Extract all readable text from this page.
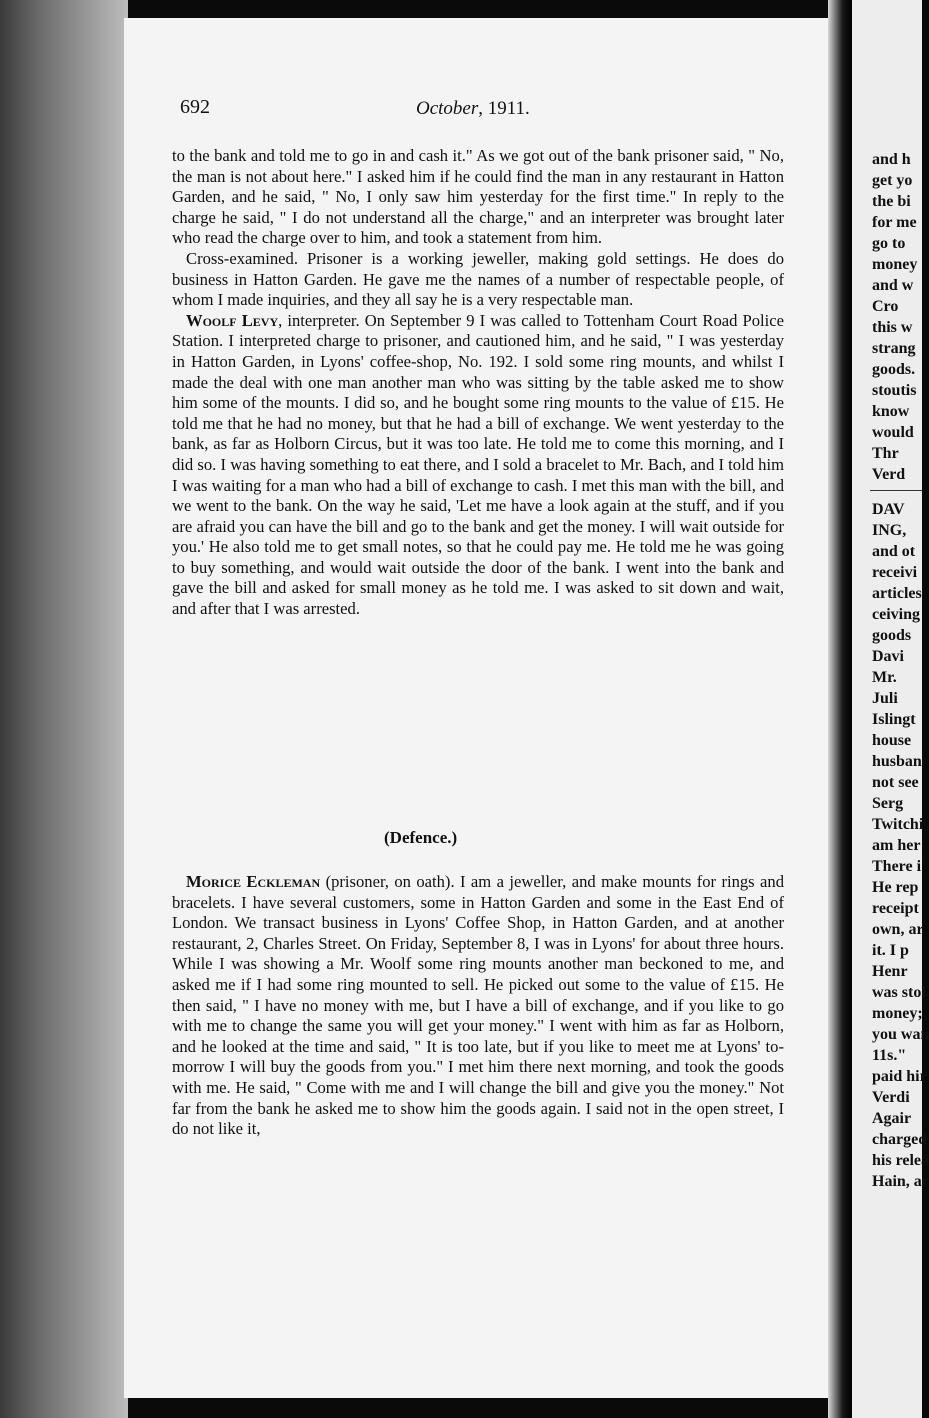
692	October, 1911.

to the bank and told me to go in and cash it." As we got out of the bank prisoner said, " No, the man is not about here." I asked him if he could find the man in any restaurant in Hatton Garden, and he said, " No, I only saw him yesterday for the first time." In reply to the charge he said, " I do not understand all the charge," and an interpreter was brought later who read the charge over to him, and took a statement from him.

Cross-examined. Prisoner is a working jeweller, making gold settings. He does do business in Hatton Garden. He gave me the names of a number of respectable people, of whom I made inquiries, and they all say he is a very respectable man.

Woolf Levy, interpreter. On September 9 I was called to Tottenham Court Road Police Station. I interpreted charge to prisoner, and cautioned him, and he said, " I was yesterday in Hatton Garden, in Lyons' coffee-shop, No. 192. I sold some ring mounts, and whilst I made the deal with one man another man who was sitting by the table asked me to show him some of the mounts. I did so, and he bought some ring mounts to the value of £15. He told me that he had no money, but that he had a bill of exchange. We went yesterday to the bank, as far as Holborn Circus, but it was too late. He told me to come this morning, and I did so. I was having something to eat there, and I sold a bracelet to Mr. Bach, and I told him I was waiting for a man who had a bill of exchange to cash. I met this man with the bill, and we went to the bank. On the way he said, 'Let me have a look again at the stuff, and if you are afraid you can have the bill and go to the bank and get the money. I will wait outside for you.' He also told me to get small notes, so that he could pay me. He told me he was going to buy something, and would wait outside the door of the bank. I went into the bank and gave the bill and asked for small money as he told me. I was asked to sit down and wait, and after that I was arrested.

(Defence.)

Morice Eckleman (prisoner, on oath). I am a jeweller, and make mounts for rings and bracelets. I have several customers, some in Hatton Garden and some in the East End of London. We transact business in Lyons' Coffee Shop, in Hatton Garden, and at another restaurant, 2, Charles Street. On Friday, September 8, I was in Lyons' for about three hours. While I was showing a Mr. Woolf some ring mounts another man beckoned to me, and asked me if I had some ring mounted to sell. He picked out some to the value of £15. He then said, " I have no money with me, but I have a bill of exchange, and if you like to go with me to change the same you will get your money." I went with him as far as Holborn, and he looked at the time and said, " It is too late, but if you like to meet me at Lyons' to-morrow I will buy the goods from you." I met him there next morning, and took the goods with me. He said, " Come with me and I will change the bill and give you the money." Not far from the bank he asked me to show him the goods again. I said not in the open street, I do not like it,

and h
get yo
the bi
for me
go to
money
and w
Cro
this w
strang
goods.
stoutis
know
would
Thr
Verd
DAV
ING,
and ot
receivi
articles
ceiving
goods
Davi
Mr.
Juli
Islingt
house
husban
not see
Serg
Twitchi
am her
There i
He rep
receipt
own, ar
it. I p
Henr
was stol
money;
you wan
11s."
paid hir
Verdi
Agair
charged
his relea
Hain, ar
